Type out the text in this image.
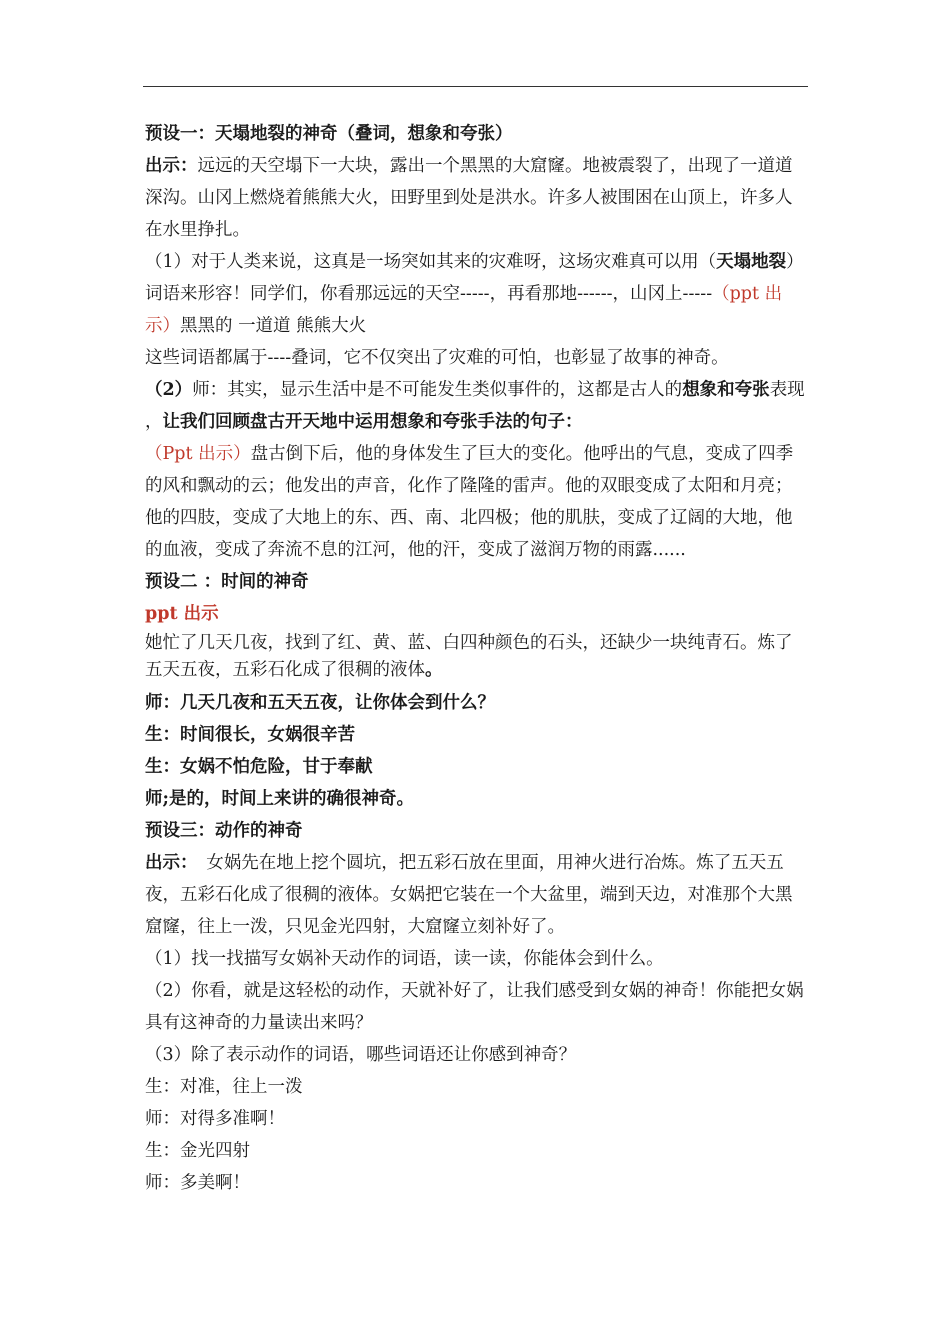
预设一：天塌地裂的神奇（叠词，想象和夸张）

出示：远远的天空塌下一大块，露出一个黑黑的大窟窿。地被震裂了，出现了一道道深沟。山冈上燃烧着熊熊大火，田野里到处是洪水。许多人被围困在山顶上，许多人在水里挣扎。

（1）对于人类来说，这真是一场突如其来的灾难呀，这场灾难真可以用（天塌地裂）词语来形容！同学们，你看那远远的天空-----，再看那地------，山冈上-----（ppt 出示）黑黑的 一道道 熊熊大火

这些词语都属于----叠词，它不仅突出了灾难的可怕，也彰显了故事的神奇。

（2）师：其实，显示生活中是不可能发生类似事件的，这都是古人的想象和夸张表现 ，让我们回顾盘古开天地中运用想象和夸张手法的句子：

（Ppt 出示）盘古倒下后，他的身体发生了巨大的变化。他呼出的气息，变成了四季的风和飘动的云；他发出的声音，化作了隆隆的雷声。他的双眼变成了太阳和月亮；他的四肢，变成了大地上的东、西、南、北四极；他的肌肤，变成了辽阔的大地，他的血液，变成了奔流不息的江河，他的汗，变成了滋润万物的雨露......

预设二 ：时间的神奇

ppt 出示

她忙了几天几夜，找到了红、黄、蓝、白四种颜色的石头，还缺少一块纯青石。炼了五天五夜，五彩石化成了很稠的液体。

师：几天几夜和五天五夜，让你体会到什么？

生：时间很长，女娲很辛苦

生：女娲不怕危险，甘于奉献

师;是的，时间上来讲的确很神奇。

预设三：动作的神奇

出示：　女娲先在地上挖个圆坑，把五彩石放在里面，用神火进行冶炼。炼了五天五夜，五彩石化成了很稠的液体。女娲把它装在一个大盆里，端到天边，对准那个大黑窟窿，往上一泼，只见金光四射，大窟窿立刻补好了。

（1）找一找描写女娲补天动作的词语，读一读，你能体会到什么。

（2）你看，就是这轻松的动作，天就补好了，让我们感受到女娲的神奇！你能把女娲具有这神奇的力量读出来吗？

（3）除了表示动作的词语，哪些词语还让你感到神奇？

生：对准，往上一泼

师：对得多准啊！

生：金光四射

师：多美啊！
